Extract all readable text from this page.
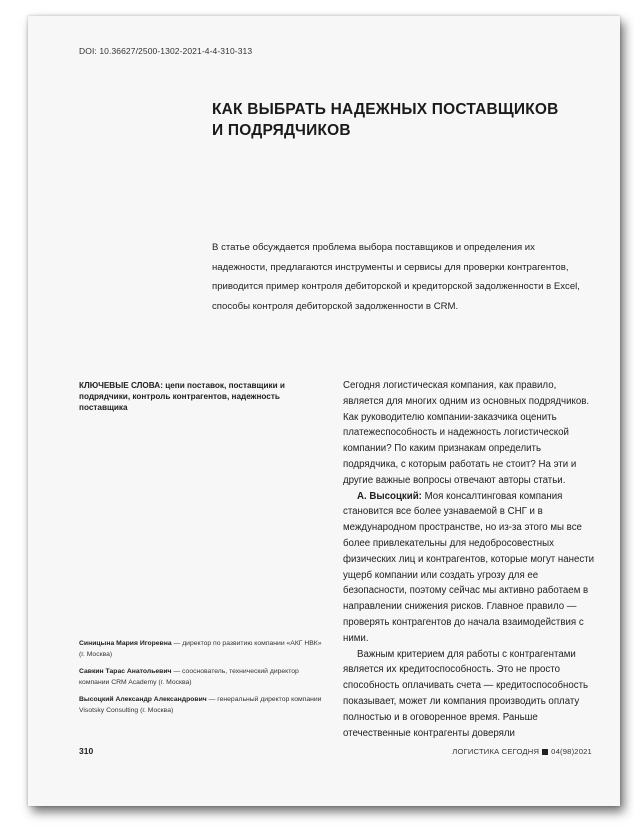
DOI: 10.36627/2500-1302-2021-4-4-310-313
КАК ВЫБРАТЬ НАДЕЖНЫХ ПОСТАВЩИКОВ
И ПОДРЯДЧИКОВ
В статье обсуждается проблема выбора поставщиков и определения их надежности, предлагаются инструменты и сервисы для проверки контрагентов, приводится пример контроля дебиторской и кредиторской задолженности в Excel, способы контроля дебиторской задолженности в CRM.
КЛЮЧЕВЫЕ СЛОВА: цепи поставок, поставщики и подрядчики, контроль контрагентов, надежность поставщика
Синицына Мария Игоревна — директор по развитию компании «АКГ НВК» (г. Москва)
Савкин Тарас Анатольевич — сооснователь, технический директор компании CRM Academy (г. Москва)
Высоцкий Александр Александрович — генеральный директор компании Visotsky Consulting (г. Москва)

Сегодня логистическая компания, как правило, является для многих одним из основных подрядчиков. Как руководителю компании-заказчика оценить платежеспособность и надежность логистической компании? По каким признакам определить подрядчика, с которым работать не стоит? На эти и другие важные вопросы отвечают авторы статьи.

А. Высоцкий: Моя консалтинговая компания становится все более узнаваемой в СНГ и в международном пространстве, но из-за этого мы все более привлекательны для недобросовестных физических лиц и контрагентов, которые могут нанести ущерб компании или создать угрозу для ее безопасности, поэтому сейчас мы активно работаем в направлении снижения рисков. Главное правило — проверять контрагентов до начала взаимодействия с ними.

Важным критерием для работы с контрагентами является их кредитоспособность. Это не просто способность оплачивать счета — кредитоспособность показывает, может ли компания производить оплату полностью и в оговоренное время. Раньше отечественные контрагенты доверяли

310	ЛОГИСТИКА СЕГОДНЯ 04(98)2021
